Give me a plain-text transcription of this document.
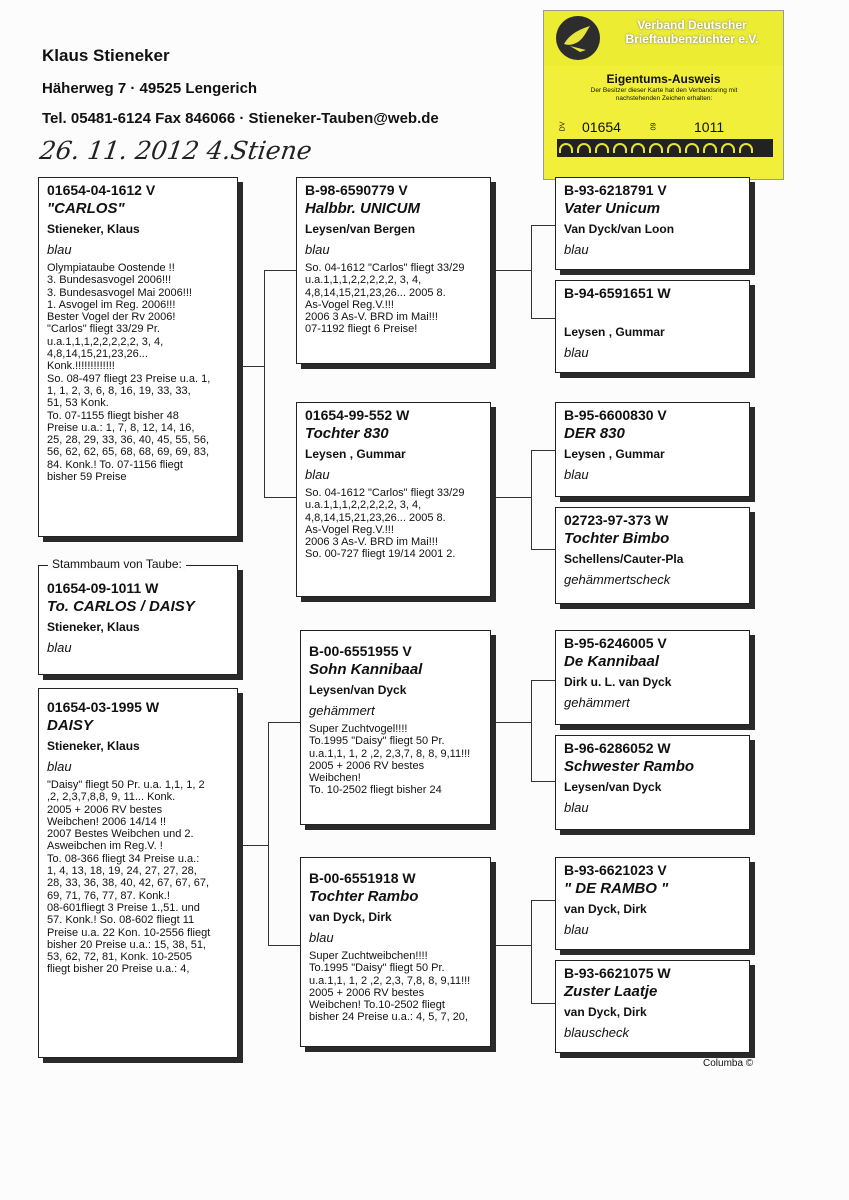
Klaus Stieneker
Häherweg 7 · 49525 Lengerich
Tel. 05481-6124 Fax 846066 · Stieneker-Tauben@web.de
26. 11. 2012 4.Stiene
Verband Deutscher
Brieftaubenzüchter e.V.
Eigentums-Ausweis
Der Besitzer dieser Karte hat den Verbandsring mit nachstehenden Zeichen erhalten:
DV 01654	09	1011
01654-04-1612 V
"CARLOS"
Stieneker, Klaus
blau
Olympiataube Oostende !!
3. Bundesasvogel 2006!!!
3. Bundesasvogel Mai 2006!!!
1. Asvogel im Reg. 2006!!!
Bester Vogel der Rv 2006!
"Carlos" fliegt 33/29 Pr.
u.a.1,1,1,2,2,2,2,2, 3, 4,
4,8,14,15,21,23,26...
Konk.!!!!!!!!!!!!!
So. 08-497 fliegt 23 Preise u.a. 1,
1, 1, 2, 3, 6, 8, 16, 19, 33, 33,
51, 53 Konk.
To. 07-1155 fliegt bisher 48
Preise u.a.: 1, 7, 8, 12, 14, 16,
25, 28, 29, 33, 36, 40, 45, 55, 56,
56, 62, 62, 65, 68, 68, 69, 69, 83,
84. Konk.! To. 07-1156 fliegt
bisher 59 Preise
01654-09-1011 W
To. CARLOS / DAISY
Stieneker, Klaus
blau
Stammbaum von Taube:
01654-03-1995 W
DAISY
Stieneker, Klaus
blau
"Daisy" fliegt 50 Pr. u.a. 1,1, 1, 2
,2, 2,3,7,8,8, 9, 11... Konk.
2005 + 2006 RV bestes
Weibchen! 2006 14/14 !!
2007 Bestes Weibchen und 2.
Asweibchen im Reg.V. !
To. 08-366 fliegt 34 Preise u.a.:
1, 4, 13, 18, 19, 24, 27, 27, 28,
28, 33, 36, 38, 40, 42, 67, 67, 67,
69, 71, 76, 77, 87. Konk.!
08-601fliegt 3 Preise 1.,51. und
57. Konk.! So. 08-602 fliegt 11
Preise u.a. 22 Kon. 10-2556 fliegt
bisher 20 Preise u.a.: 15, 38, 51,
53, 62, 72, 81, Konk. 10-2505
fliegt bisher 20 Preise u.a.: 4,
B-98-6590779 V
Halbbr. UNICUM
Leysen/van Bergen
blau
So. 04-1612 "Carlos" fliegt 33/29
u.a.1,1,1,2,2,2,2,2, 3, 4,
4,8,14,15,21,23,26... 2005 8.
As-Vogel Reg.V.!!!
2006 3 As-V. BRD im Mai!!!
07-1192 fliegt 6 Preise!
01654-99-552 W
Tochter 830
Leysen , Gummar
blau
So. 04-1612 "Carlos" fliegt 33/29
u.a.1,1,1,2,2,2,2,2, 3, 4,
4,8,14,15,21,23,26... 2005 8.
As-Vogel Reg.V.!!!
2006 3 As-V. BRD im Mai!!!
So. 00-727 fliegt 19/14 2001 2.
B-00-6551955 V
Sohn Kannibaal
Leysen/van Dyck
gehämmert
Super Zuchtvogel!!!!
To.1995 "Daisy" fliegt 50 Pr.
u.a.1,1, 1, 2 ,2, 2,3,7, 8, 8, 9,11!!!
2005 + 2006 RV bestes
Weibchen!
To. 10-2502 fliegt bisher 24
B-00-6551918 W
Tochter Rambo
van Dyck, Dirk
blau
Super Zuchtweibchen!!!!
To.1995 "Daisy" fliegt 50 Pr.
u.a.1,1, 1, 2 ,2, 2,3, 7,8, 8, 9,11!!!
2005 + 2006 RV bestes
Weibchen! To.10-2502 fliegt
bisher 24 Preise u.a.: 4, 5, 7, 20,
B-93-6218791 V
Vater Unicum
Van Dyck/van Loon
blau
B-94-6591651 W
Leysen , Gummar
blau
B-95-6600830 V
DER 830
Leysen , Gummar
blau
02723-97-373 W
Tochter Bimbo
Schellens/Cauter-Pla
gehämmertscheck
B-95-6246005 V
De Kannibaal
Dirk u. L. van Dyck
gehämmert
B-96-6286052 W
Schwester Rambo
Leysen/van Dyck
blau
B-93-6621023 V
" DE RAMBO "
van Dyck, Dirk
blau
B-93-6621075 W
Zuster Laatje
van Dyck, Dirk
blauscheck
Columba ©
